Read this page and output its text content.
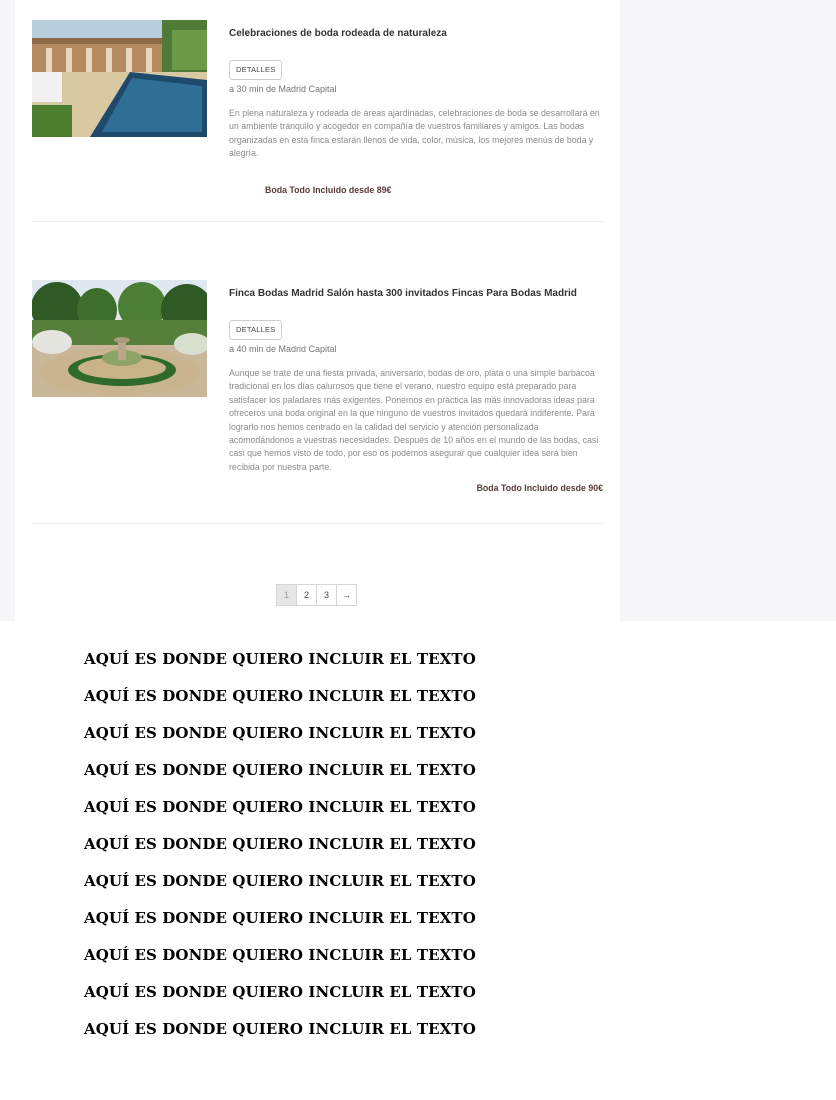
Celebraciones de boda rodeada de naturaleza
DETALLES
a 30 min de Madrid Capital
En plena naturaleza y rodeada de áreas ajardinadas, celebraciones de boda se desarrollará en un ambiente tranquilo y acogedor en compañía de vuestros familiares y amigos. Las bodas organizadas en esta finca estarán llenos de vida, color, música, los mejores menús de boda y alegría.
Boda Todo Incluido desde 89€
Finca Bodas Madrid Salón hasta 300 invitados Fincas Para Bodas Madrid
DETALLES
a 40 min de Madrid Capital
Aunque se trate de una fiesta privada, aniversario, bodas de oro, plata o una simple barbacoa tradicional en los días calurosos que tiene el verano, nuestro equipo está preparado para satisfacer los paladares más exigentes. Ponemos en práctica las más innovadoras ideas para ofreceros una boda original en la que ninguno de vuestros invitados quedará indiferente. Para lograrlo nos hemos centrado en la calidad del servicio y atención personalizada acomodándonos a vuestras necesidades. Después de 10 años en el mundo de las bodas, casi casi que hemos visto de todo, por eso os podemos asegurar que cualquier idea será bien recibida por nuestra parte.
Boda Todo Incluido desde 90€
1	2	3	→
AQUÍ ES DONDE QUIERO INCLUIR EL TEXTO
AQUÍ ES DONDE QUIERO INCLUIR EL TEXTO
AQUÍ ES DONDE QUIERO INCLUIR EL TEXTO
AQUÍ ES DONDE QUIERO INCLUIR EL TEXTO
AQUÍ ES DONDE QUIERO INCLUIR EL TEXTO
AQUÍ ES DONDE QUIERO INCLUIR EL TEXTO
AQUÍ ES DONDE QUIERO INCLUIR EL TEXTO
AQUÍ ES DONDE QUIERO INCLUIR EL TEXTO
AQUÍ ES DONDE QUIERO INCLUIR EL TEXTO
AQUÍ ES DONDE QUIERO INCLUIR EL TEXTO
AQUÍ ES DONDE QUIERO INCLUIR EL TEXTO
